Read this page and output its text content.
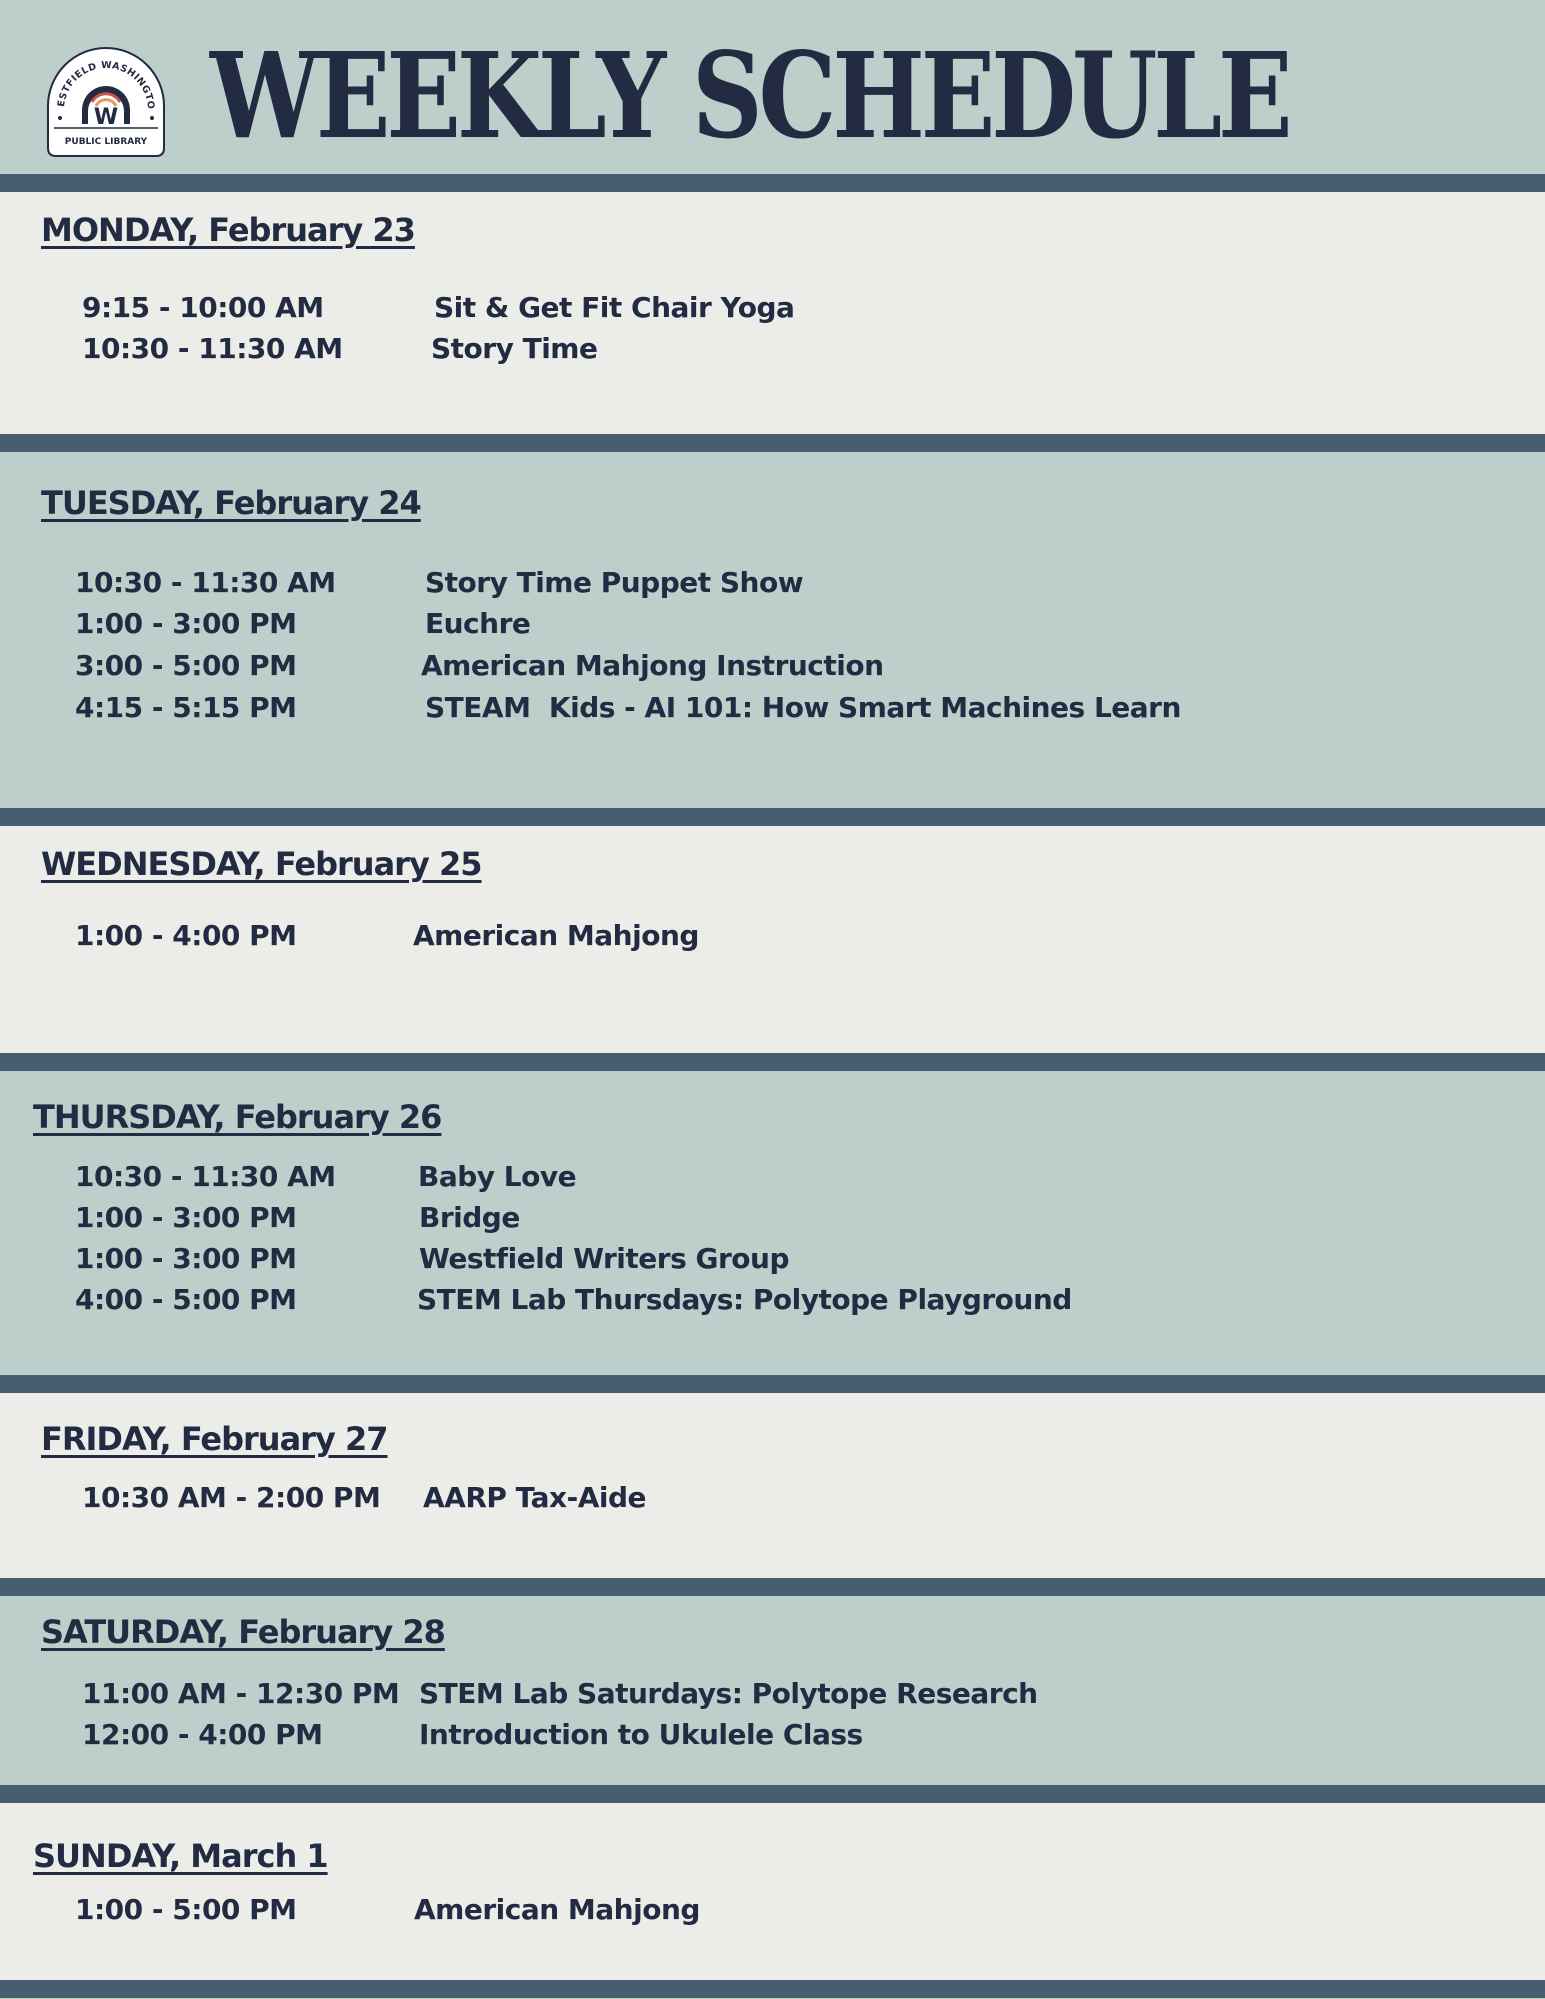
ESTFIELD WASHINGTO
W
PUBLIC LIBRARY WEEKLY SCHEDULE
MONDAY, February 23
9:15 - 10:00 AM	Sit & Get Fit Chair Yoga
10:30 - 11:30 AM	Story Time
TUESDAY, February 24
10:30 - 11:30 AM	Story Time Puppet Show
1:00 - 3:00 PM	Euchre
3:00 - 5:00 PM	American Mahjong Instruction
4:15 - 5:15 PM	STEAM  Kids - AI 101: How Smart Machines Learn
WEDNESDAY, February 25
1:00 - 4:00 PM	American Mahjong
THURSDAY, February 26
10:30 - 11:30 AM	Baby Love
1:00 - 3:00 PM	Bridge
1:00 - 3:00 PM	Westfield Writers Group
4:00 - 5:00 PM	STEM Lab Thursdays: Polytope Playground
FRIDAY, February 27
10:30 AM - 2:00 PM AARP Tax-Aide
SATURDAY, February 28
11:00 AM - 12:30 PM STEM Lab Saturdays: Polytope Research
12:00 - 4:00 PM	Introduction to Ukulele Class
SUNDAY, March 1
1:00 - 5:00 PM	American Mahjong
